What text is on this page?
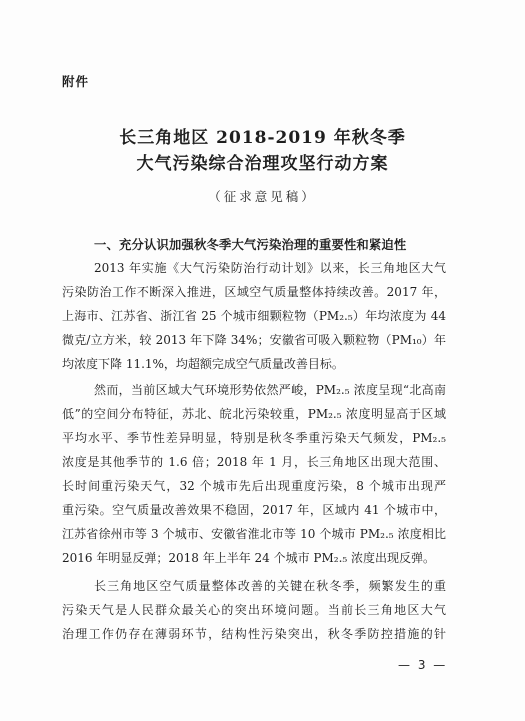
附件
长三角地区 2018-2019 年秋冬季
大气污染综合治理攻坚行动方案
（征求意见稿）
一、充分认识加强秋冬季大气污染治理的重要性和紧迫性
2013 年实施《大气污染防治行动计划》以来，长三角地区大气
污染防治工作不断深入推进，区域空气质量整体持续改善。2017 年，
上海市、江苏省、浙江省 25 个城市细颗粒物（PM₂.₅）年均浓度为 44
微克/立方米，较 2013 年下降 34%；安徽省可吸入颗粒物（PM₁₀）年
均浓度下降 11.1%，均超额完成空气质量改善目标。
然而，当前区域大气环境形势依然严峻，PM₂.₅ 浓度呈现“北高南
低”的空间分布特征，苏北、皖北污染较重，PM₂.₅ 浓度明显高于区域
平均水平、季节性差异明显，特别是秋冬季重污染天气频发，PM₂.₅
浓度是其他季节的 1.6 倍；2018 年 1 月，长三角地区出现大范围、
长时间重污染天气，32 个城市先后出现重度污染，8 个城市出现严
重污染。空气质量改善效果不稳固，2017 年，区域内 41 个城市中，
江苏省徐州市等 3 个城市、安徽省淮北市等 10 个城市 PM₂.₅ 浓度相比
2016 年明显反弹；2018 年上半年 24 个城市 PM₂.₅ 浓度出现反弹。
长三角地区空气质量整体改善的关键在秋冬季，频繁发生的重
污染天气是人民群众最关心的突出环境问题。当前长三角地区大气
治理工作仍存在薄弱环节，结构性污染突出，秋冬季防控措施的针
— 3 —
